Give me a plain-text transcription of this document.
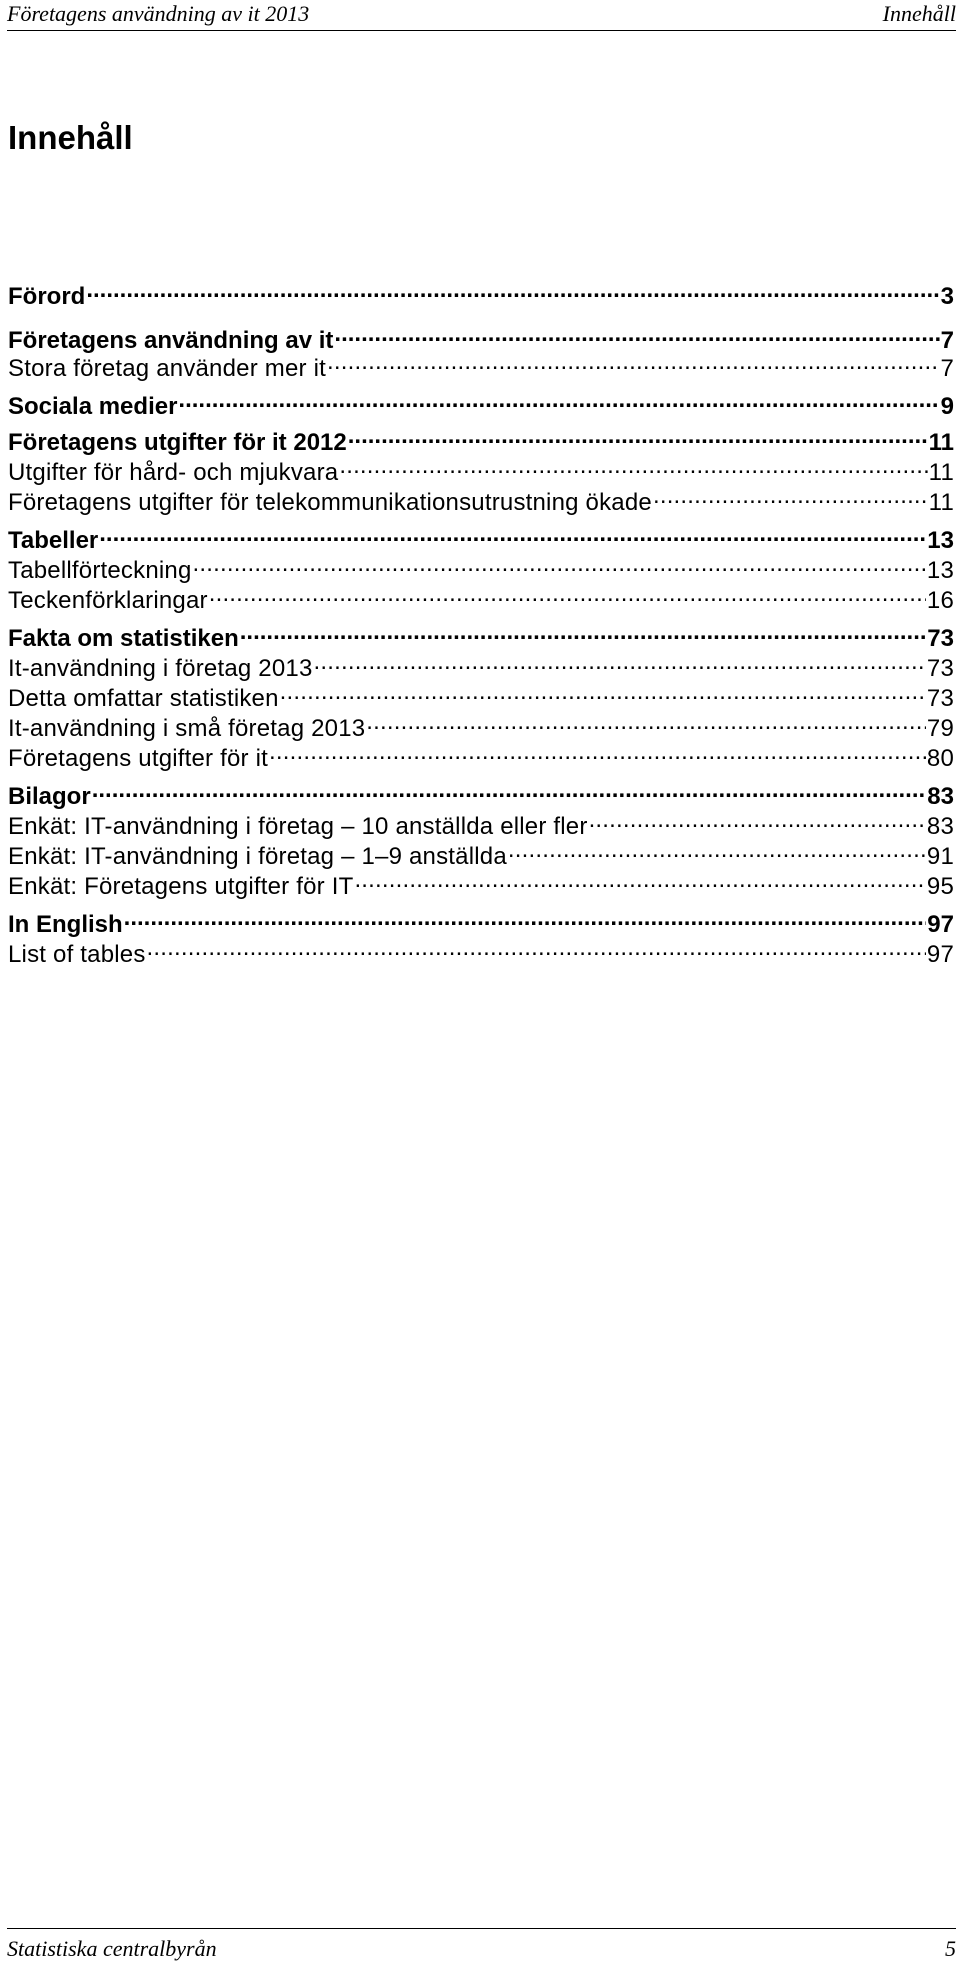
Företagens användning av it 2013	Innehåll
Innehåll
Förord .....	3
Företagens användning av it .....	7
Stora företag använder mer it .....	7
Sociala medier .....	9
Företagens utgifter för it 2012 .....	11
Utgifter för hård- och mjukvara .....	11
Företagens utgifter för telekommunikationsutrustning ökade .....	11
Tabeller .....	13
Tabellförteckning .....	13
Teckenförklaringar .....	16
Fakta om statistiken .....	73
It-användning i företag 2013 .....	73
Detta omfattar statistiken .....	73
It-användning i små företag 2013 .....	79
Företagens utgifter för it .....	80
Bilagor .....	83
Enkät: IT-användning i företag – 10 anställda eller fler .....	83
Enkät: IT-användning i företag – 1–9 anställda .....	91
Enkät: Företagens utgifter för IT .....	95
In English .....	97
List of tables .....	97
Statistiska centralbyrån	5
